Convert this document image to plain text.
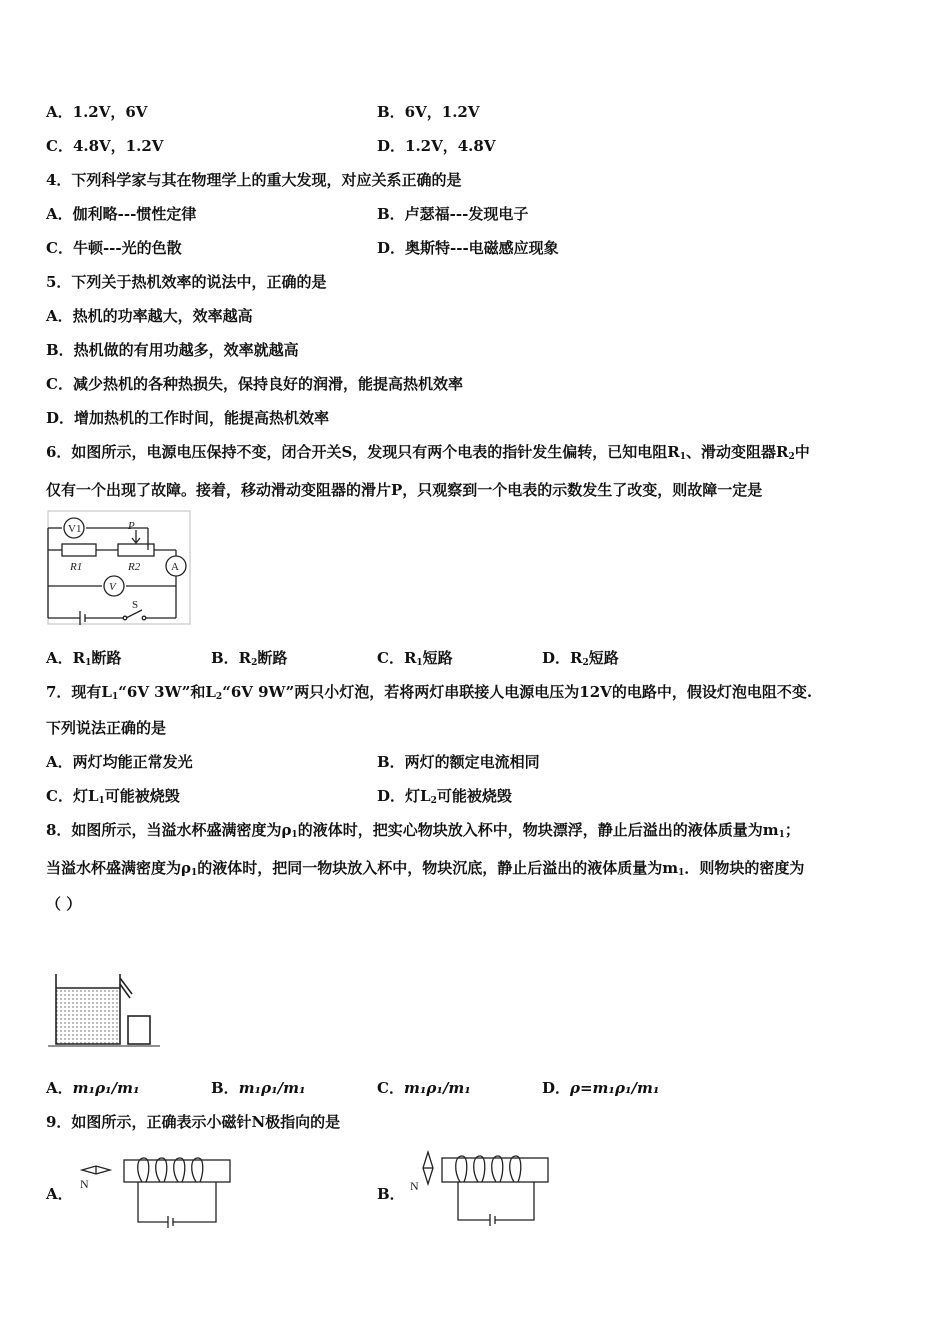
A．1.2V，6V	B．6V，1.2V
C．4.8V，1.2V	D．1.2V，4.8V
4．下列科学家与其在物理学上的重大发现，对应关系正确的是
A．伽利略---惯性定律	B．卢瑟福---发现电子
C．牛顿---光的色散	D．奥斯特---电磁感应现象
5．下列关于热机效率的说法中，正确的是
A．热机的功率越大，效率越高
B．热机做的有用功越多，效率就越高
C．减少热机的各种热损失，保持良好的润滑，能提高热机效率
D．增加热机的工作时间，能提高热机效率
6．如图所示，电源电压保持不变，闭合开关S，发现只有两个电表的指针发生偏转，已知电阻$R_1$、滑动变阻器$R_2$中
仅有一个出现了故障。接着，移动滑动变阻器的滑片P，只观察到一个电表的示数发生了改变，则故障一定是
V1	P
R1	R2	A
V
S
A．$R_1$断路	B．$R_2$断路	C．$R_1$短路	D．$R_2$短路
7．现有$L_1“6V$ 3W”和$L_2“6V$ 9W”两只小灯泡，若将两灯串联接人电源电压为12V的电路中，假设灯泡电阻不变.
下列说法正确的是
A．两灯均能正常发光	B．两灯的额定电流相同
C．灯$L_1$可能被烧毁	D．灯$L_2$可能被烧毁
8．如图所示，当溢水杯盛满密度为$\rho_1$的液体时，把实心物块放入杯中，物块漂浮，静止后溢出的液体质量为$m_1$；
当溢水杯盛满密度为$\rho_1$的液体时，把同一物块放入杯中，物块沉底，静止后溢出的液体质量为$m_1$．则物块的密度为
（ ）
A．m₁ρ₁/m₁	B．m₁ρ₁/m₁	C．m₁ρ₁/m₁	D．ρ=m₁ρ₁/m₁
9．如图所示，正确表示小磁针N极指向的是
A．
N
B． N
